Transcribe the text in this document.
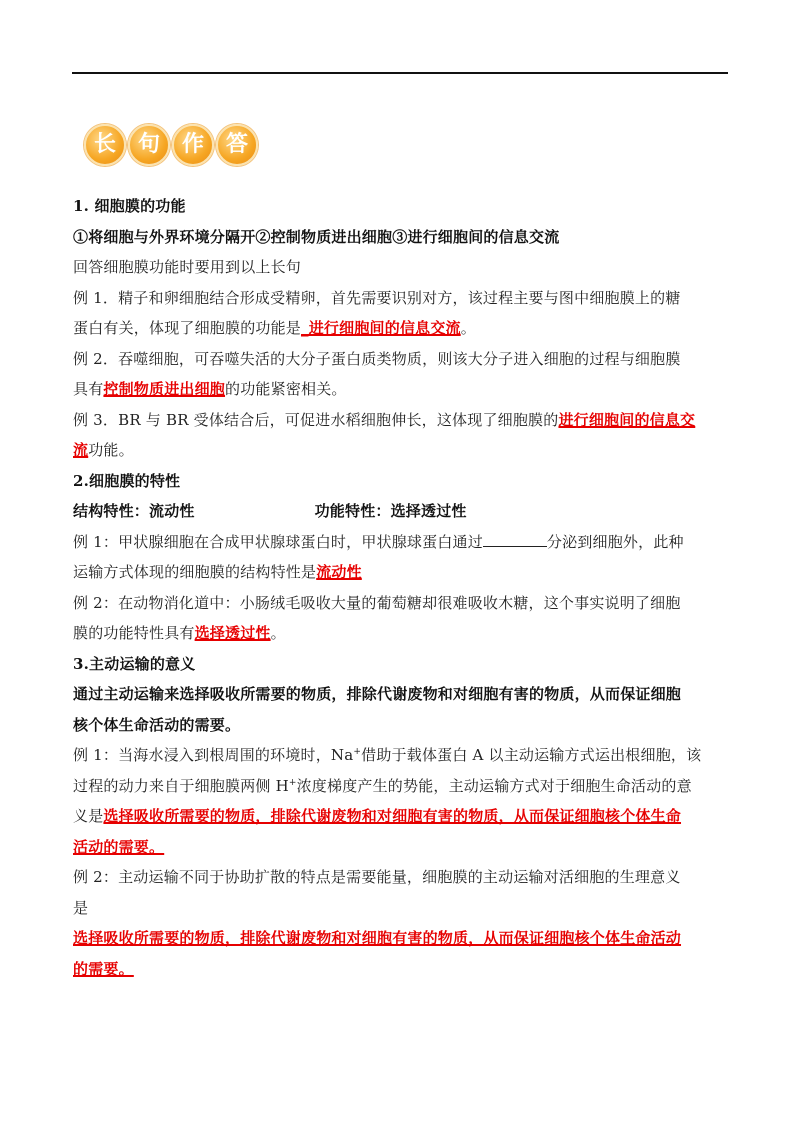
长 句 作 答
1. 细胞膜的功能
①将细胞与外界环境分隔开②控制物质进出细胞③进行细胞间的信息交流
回答细胞膜功能时要用到以上长句
例 1．精子和卵细胞结合形成受精卵，首先需要识别对方，该过程主要与图中细胞膜上的糖
蛋白有关，体现了细胞膜的功能是_进行细胞间的信息交流。
例 2．吞噬细胞，可吞噬失活的大分子蛋白质类物质，则该大分子进入细胞的过程与细胞膜
具有控制物质进出细胞的功能紧密相关。
例 3．BR 与 BR 受体结合后，可促进水稻细胞伸长，这体现了细胞膜的进行细胞间的信息交
流功能。
2.细胞膜的特性
结构特性：流动性	功能特性：选择透过性
例 1：甲状腺细胞在合成甲状腺球蛋白时，甲状腺球蛋白通过	分泌到细胞外，此种
运输方式体现的细胞膜的结构特性是流动性
例 2：在动物消化道中：小肠绒毛吸收大量的葡萄糖却很难吸收木糖，这个事实说明了细胞
膜的功能特性具有选择透过性。
3.主动运输的意义
通过主动运输来选择吸收所需要的物质，排除代谢废物和对细胞有害的物质，从而保证细胞
核个体生命活动的需要。
例 1：当海水浸入到根周围的环境时，Na+借助于载体蛋白 A 以主动运输方式运出根细胞，该
过程的动力来自于细胞膜两侧 H+浓度梯度产生的势能，主动运输方式对于细胞生命活动的意
义是选择吸收所需要的物质，排除代谢废物和对细胞有害的物质，从而保证细胞核个体生命
活动的需要。
例 2：主动运输不同于协助扩散的特点是需要能量，细胞膜的主动运输对活细胞的生理意义
是
选择吸收所需要的物质，排除代谢废物和对细胞有害的物质，从而保证细胞核个体生命活动
的需要。
